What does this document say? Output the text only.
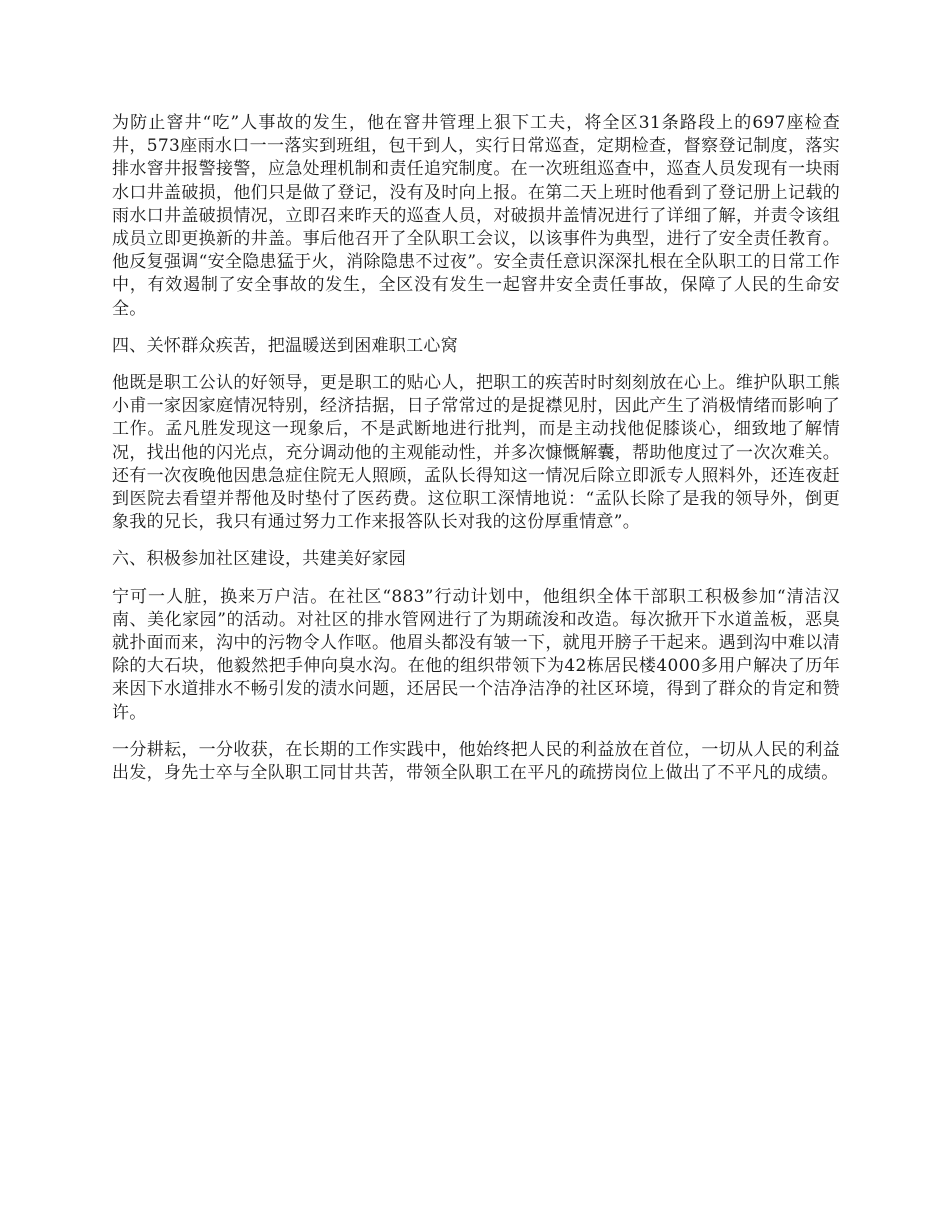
为防止窨井“吃”人事故的发生，他在窨井管理上狠下工夫，将全区31条路段上的697座检查井，573座雨水口一一落实到班组，包干到人，实行日常巡查，定期检查，督察登记制度，落实排水窨井报警接警，应急处理机制和责任追究制度。在一次班组巡查中，巡查人员发现有一块雨水口井盖破损，他们只是做了登记，没有及时向上报。在第二天上班时他看到了登记册上记载的雨水口井盖破损情况，立即召来昨天的巡查人员，对破损井盖情况进行了详细了解，并责令该组成员立即更换新的井盖。事后他召开了全队职工会议，以该事件为典型，进行了安全责任教育。他反复强调“安全隐患猛于火，消除隐患不过夜”。安全责任意识深深扎根在全队职工的日常工作中，有效遏制了安全事故的发生，全区没有发生一起窨井安全责任事故，保障了人民的生命安全。

四、关怀群众疾苦，把温暖送到困难职工心窝

他既是职工公认的好领导，更是职工的贴心人，把职工的疾苦时时刻刻放在心上。维护队职工熊小甫一家因家庭情况特别，经济拮据，日子常常过的是捉襟见肘，因此产生了消极情绪而影响了工作。孟凡胜发现这一现象后，不是武断地进行批判，而是主动找他促膝谈心，细致地了解情况，找出他的闪光点，充分调动他的主观能动性，并多次慷慨解囊，帮助他度过了一次次难关。还有一次夜晚他因患急症住院无人照顾，孟队长得知这一情况后除立即派专人照料外，还连夜赶到医院去看望并帮他及时垫付了医药费。这位职工深情地说：“孟队长除了是我的领导外，倒更象我的兄长，我只有通过努力工作来报答队长对我的这份厚重情意”。

六、积极参加社区建设，共建美好家园

宁可一人脏，换来万户洁。在社区“883”行动计划中，他组织全体干部职工积极参加“清洁汉南、美化家园”的活动。对社区的排水管网进行了为期疏浚和改造。每次掀开下水道盖板，恶臭就扑面而来，沟中的污物令人作呕。他眉头都没有皱一下，就甩开膀子干起来。遇到沟中难以清除的大石块，他毅然把手伸向臭水沟。在他的组织带领下为42栋居民楼4000多用户解决了历年来因下水道排水不畅引发的渍水问题，还居民一个洁净洁净的社区环境，得到了群众的肯定和赞许。

一分耕耘，一分收获，在长期的工作实践中，他始终把人民的利益放在首位，一切从人民的利益出发，身先士卒与全队职工同甘共苦，带领全队职工在平凡的疏捞岗位上做出了不平凡的成绩。
